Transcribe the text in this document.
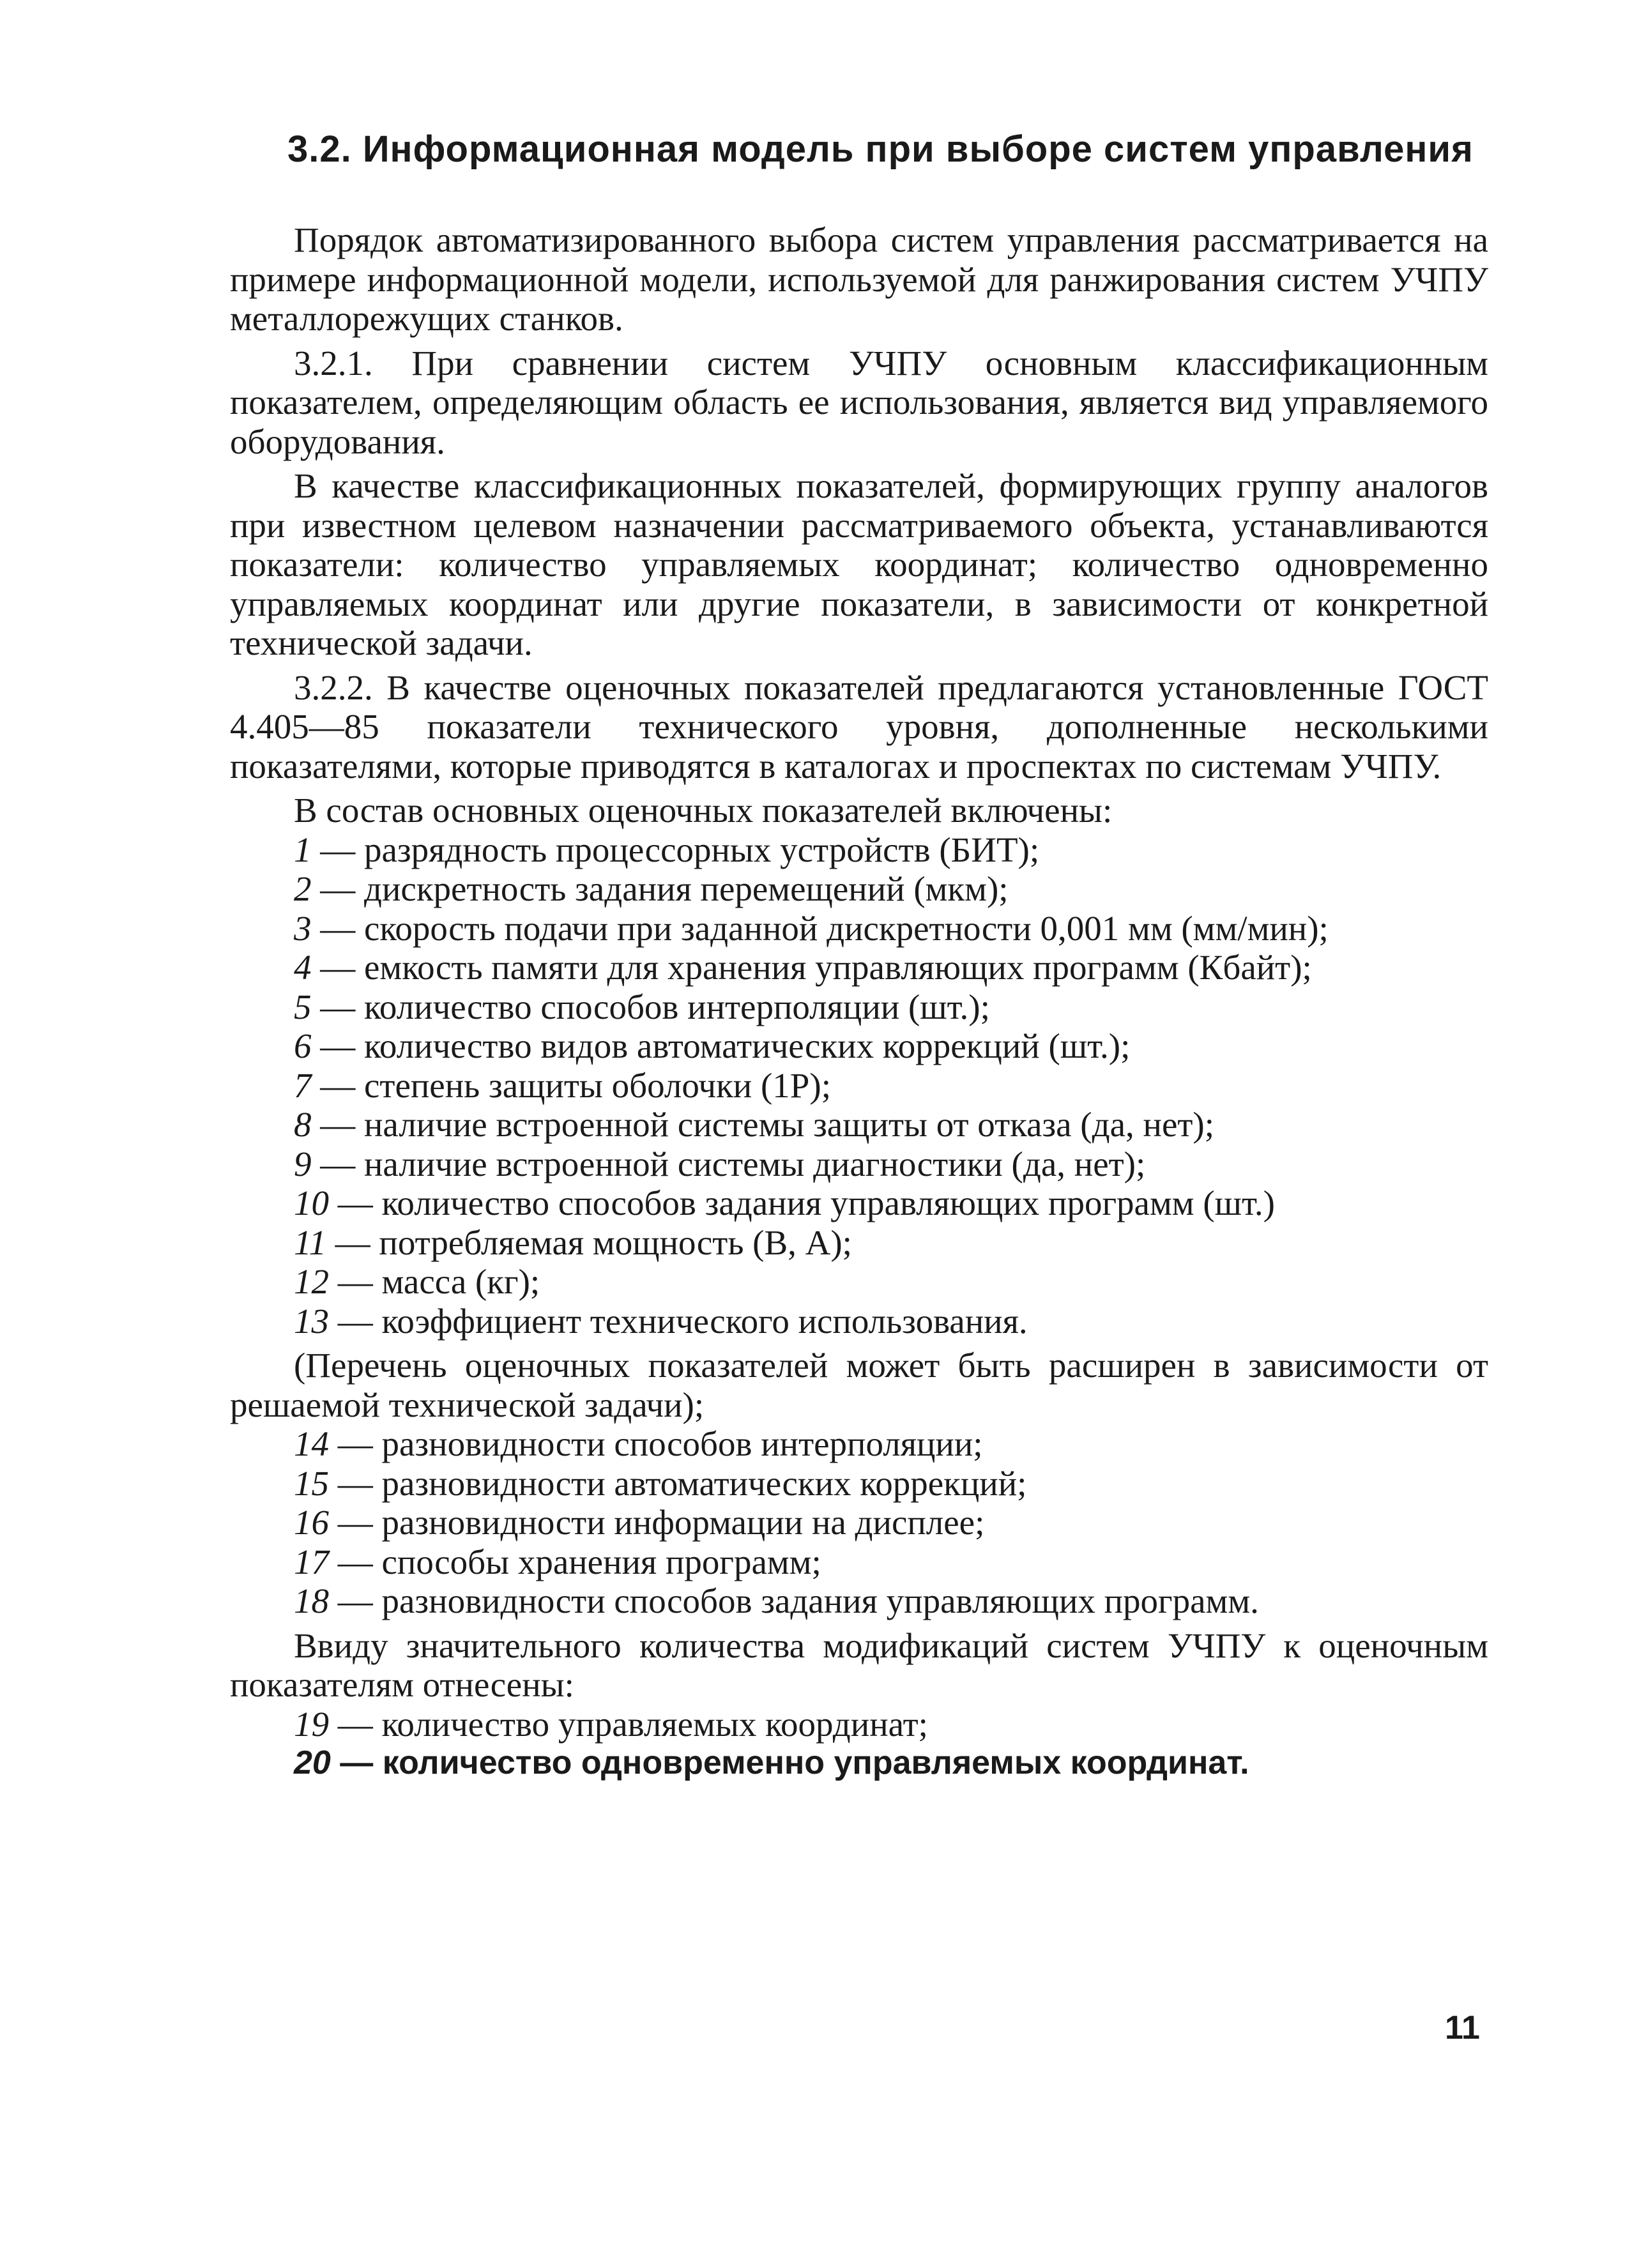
3.2. Информационная модель при выборе систем управления

Порядок автоматизированного выбора систем управления рассматривается на примере информационной модели, используемой для ранжирования систем УЧПУ металлорежущих станков.

3.2.1. При сравнении систем УЧПУ основным классификационным показателем, определяющим область ее использования, является вид управляемого оборудования.

В качестве классификационных показателей, формирующих группу аналогов при известном целевом назначении рассматриваемого объекта, устанавливаются показатели: количество управляемых координат; количество одновременно управляемых координат или другие показатели, в зависимости от конкретной технической задачи.

3.2.2. В качестве оценочных показателей предлагаются установленные ГОСТ 4.405—85 показатели технического уровня, дополненные несколькими показателями, которые приводятся в каталогах и проспектах по системам УЧПУ.

В состав основных оценочных показателей включены:

1 — разрядность процессорных устройств (БИТ);
2 — дискретность задания перемещений (мкм);
3 — скорость подачи при заданной дискретности 0,001 мм (мм/мин);
4 — емкость памяти для хранения управляющих программ (Кбайт);
5 — количество способов интерполяции (шт.);
6 — количество видов автоматических коррекций (шт.);
7 — степень защиты оболочки (1Р);
8 — наличие встроенной системы защиты от отказа (да, нет);
9 — наличие встроенной системы диагностики (да, нет);
10 — количество способов задания управляющих программ (шт.)
11 — потребляемая мощность (В, А);
12 — масса (кг);
13 — коэффициент технического использования.

(Перечень оценочных показателей может быть расширен в зависимости от решаемой технической задачи);

14 — разновидности способов интерполяции;
15 — разновидности автоматических коррекций;
16 — разновидности информации на дисплее;
17 — способы хранения программ;
18 — разновидности способов задания управляющих программ.

Ввиду значительного количества модификаций систем УЧПУ к оценочным показателям отнесены:

19 — количество управляемых координат;
20 — количество одновременно управляемых координат.
11
